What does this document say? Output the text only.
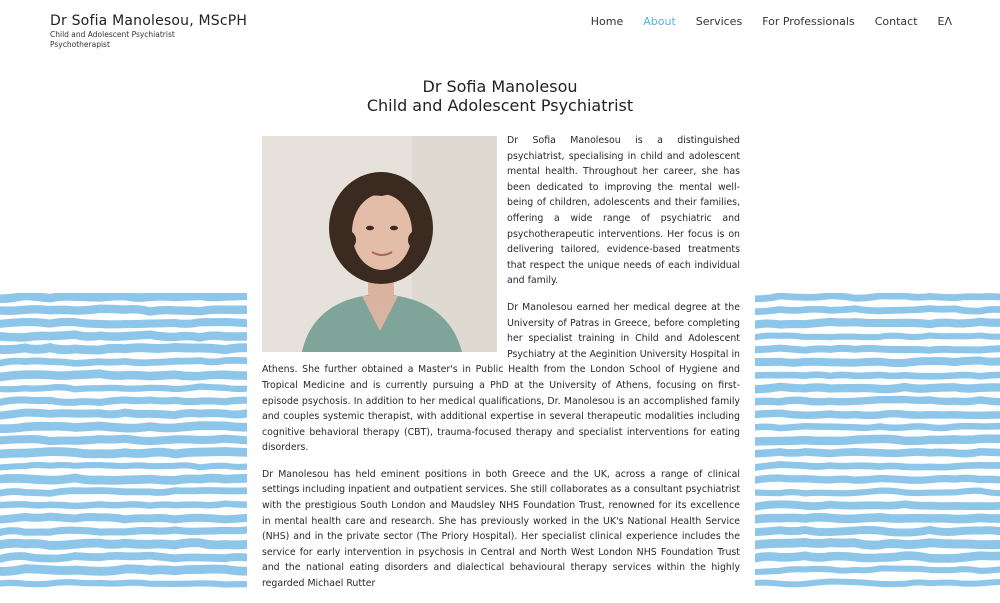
Dr Sofia Manolesou, MScPH
Child and Adolescent Psychiatrist
Psychotherapist
Home About Services For Professionals Contact ΕΛ
Dr Sofia Manolesou
Child and Adolescent Psychiatrist

Dr Sofia Manolesou is a distinguished psychiatrist, specialising in child and adolescent mental health. Throughout her career, she has been dedicated to improving the mental well-being of children, adolescents and their families, offering a wide range of psychiatric and psychotherapeutic interventions. Her focus is on delivering tailored, evidence-based treatments that respect the unique needs of each individual and family.

Dr Manolesou earned her medical degree at the University of Patras in Greece, before completing her specialist training in Child and Adolescent Psychiatry at the Aeginition University Hospital in Athens. She further obtained a Master's in Public Health from the London School of Hygiene and Tropical Medicine and is currently pursuing a PhD at the University of Athens, focusing on first-episode psychosis. In addition to her medical qualifications, Dr. Manolesou is an accomplished family and couples systemic therapist, with additional expertise in several therapeutic modalities including cognitive behavioral therapy (CBT), trauma-focused therapy and specialist interventions for eating disorders.

Dr Manolesou has held eminent positions in both Greece and the UK, across a range of clinical settings including inpatient and outpatient services. She still collaborates as a consultant psychiatrist with the prestigious South London and Maudsley NHS Foundation Trust, renowned for its excellence in mental health care and research. She has previously worked in the UK's National Health Service (NHS) and in the private sector (The Priory Hospital). Her specialist clinical experience includes the service for early intervention in psychosis in Central and North West London NHS Foundation Trust and the national eating disorders and dialectical behavioural therapy services within the highly regarded Michael Rutter
